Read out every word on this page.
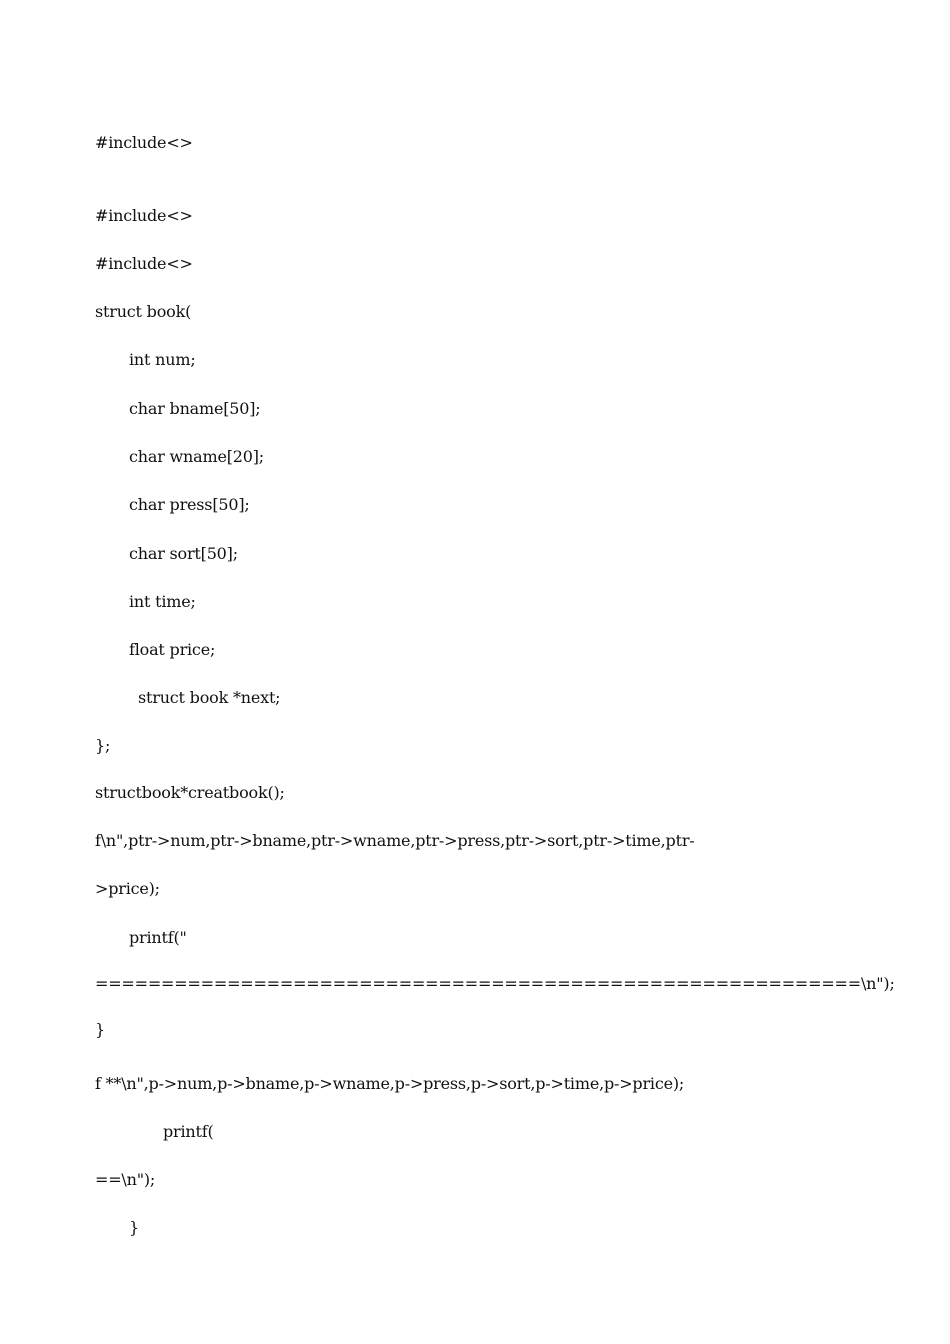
#include<>
#include<>
#include<>
struct book(
int num;
char bname[50];
char wname[20];
char press[50];
char sort[50];
int time;
float price;
struct book *next;
};
structbook*creatbook();
f\n",ptr->num,ptr->bname,ptr->wname,ptr->press,ptr->sort,ptr->time,ptr-
>price);
printf("
==========================================================\n");
}
f **\n",p->num,p->bname,p->wname,p->press,p->sort,p->time,p->price);
printf(
==\n");
}
